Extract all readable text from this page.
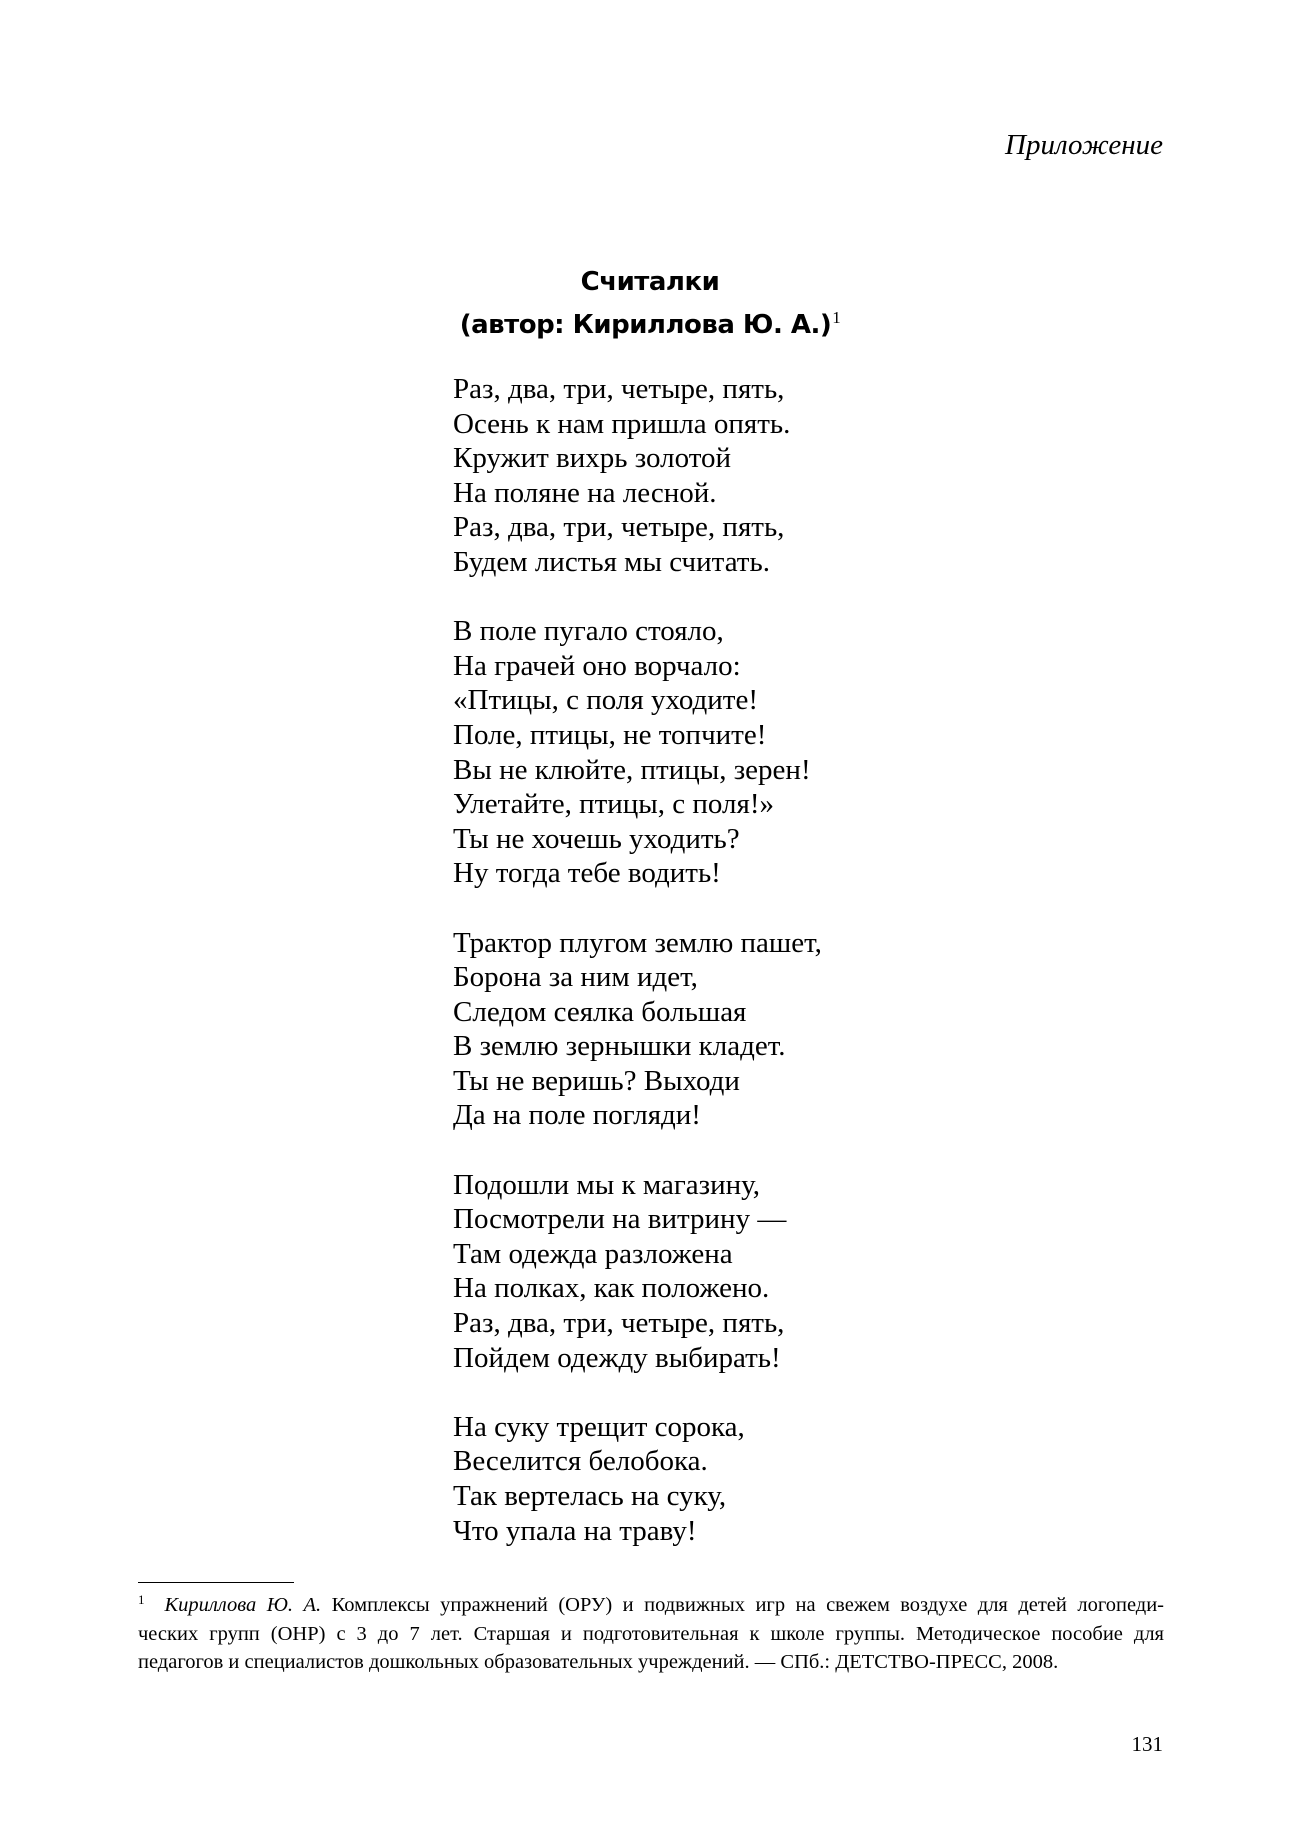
Приложение
Считалки
(автор: Кириллова Ю. А.)$^1$
Раз, два, три, четыре, пять,
Осень к нам пришла опять.
Кружит вихрь золотой
На поляне на лесной.
Раз, два, три, четыре, пять,
Будем листья мы считать.
В поле пугало стояло,
На грачей оно ворчало:
«Птицы, с поля уходите!
Поле, птицы, не топчите!
Вы не клюйте, птицы, зерен!
Улетайте, птицы, с поля!»
Ты не хочешь уходить?
Ну тогда тебе водить!
Трактор плугом землю пашет,
Борона за ним идет,
Следом сеялка большая
В землю зернышки кладет.
Ты не веришь? Выходи
Да на поле погляди!
Подошли мы к магазину,
Посмотрели на витрину —
Там одежда разложена
На полках, как положено.
Раз, два, три, четыре, пять,
Пойдем одежду выбирать!
На суку трещит сорока,
Веселится белобока.
Так вертелась на суку,
Что упала на траву!
$^1$ Кириллова Ю. А. Комплексы упражнений (ОРУ) и подвижных игр на свежем воздухе для детей логопеди-
ческих групп (ОНР) с 3 до 7 лет. Старшая и подготовительная к школе группы. Методическое пособие для
педагогов и специалистов дошкольных образовательных учреждений. — СПб.: ДЕТСТВО-ПРЕСС, 2008.
131
